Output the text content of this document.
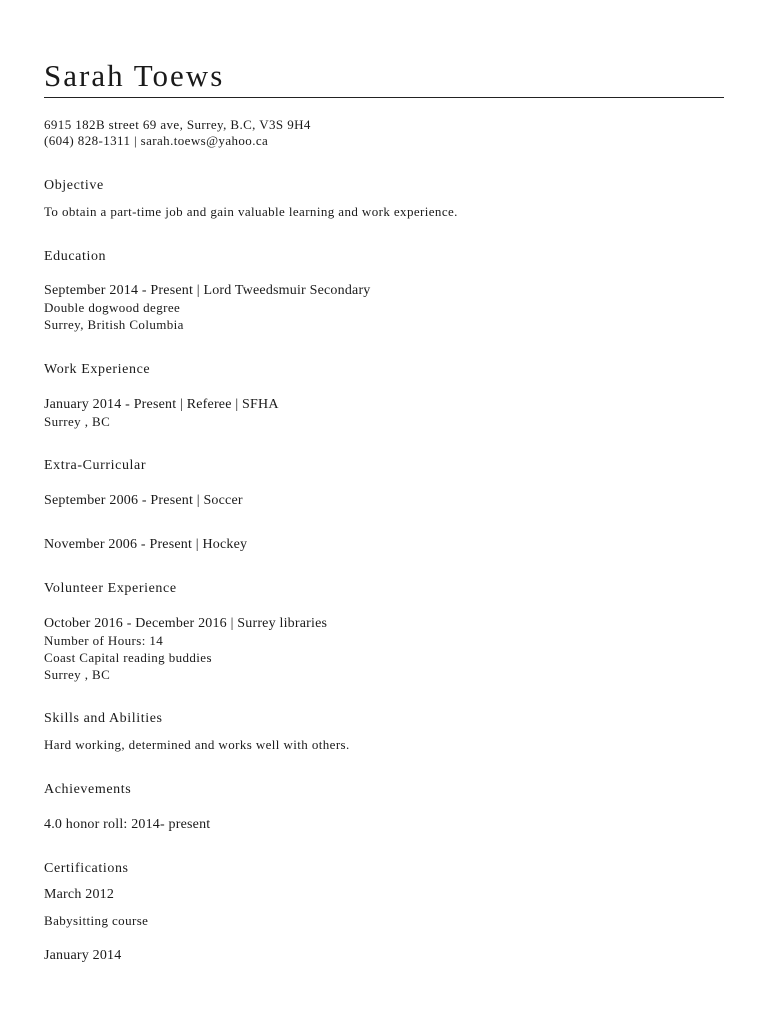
Sarah Toews
6915 182B street 69 ave, Surrey, B.C, V3S 9H4
(604) 828-1311 | sarah.toews@yahoo.ca
Objective
To obtain a part-time job and gain valuable learning and work experience.
Education
September 2014 - Present | Lord Tweedsmuir Secondary
Double dogwood degree
Surrey, British Columbia
Work Experience
January 2014 - Present | Referee | SFHA
Surrey , BC
Extra-Curricular
September 2006 - Present | Soccer
November 2006 - Present | Hockey
Volunteer Experience
October 2016 - December 2016 | Surrey libraries
Number of Hours: 14
Coast Capital reading buddies
Surrey , BC
Skills and Abilities
Hard working, determined and works well with others.
Achievements
4.0 honor roll: 2014- present
Certifications
March 2012
Babysitting course
January 2014
